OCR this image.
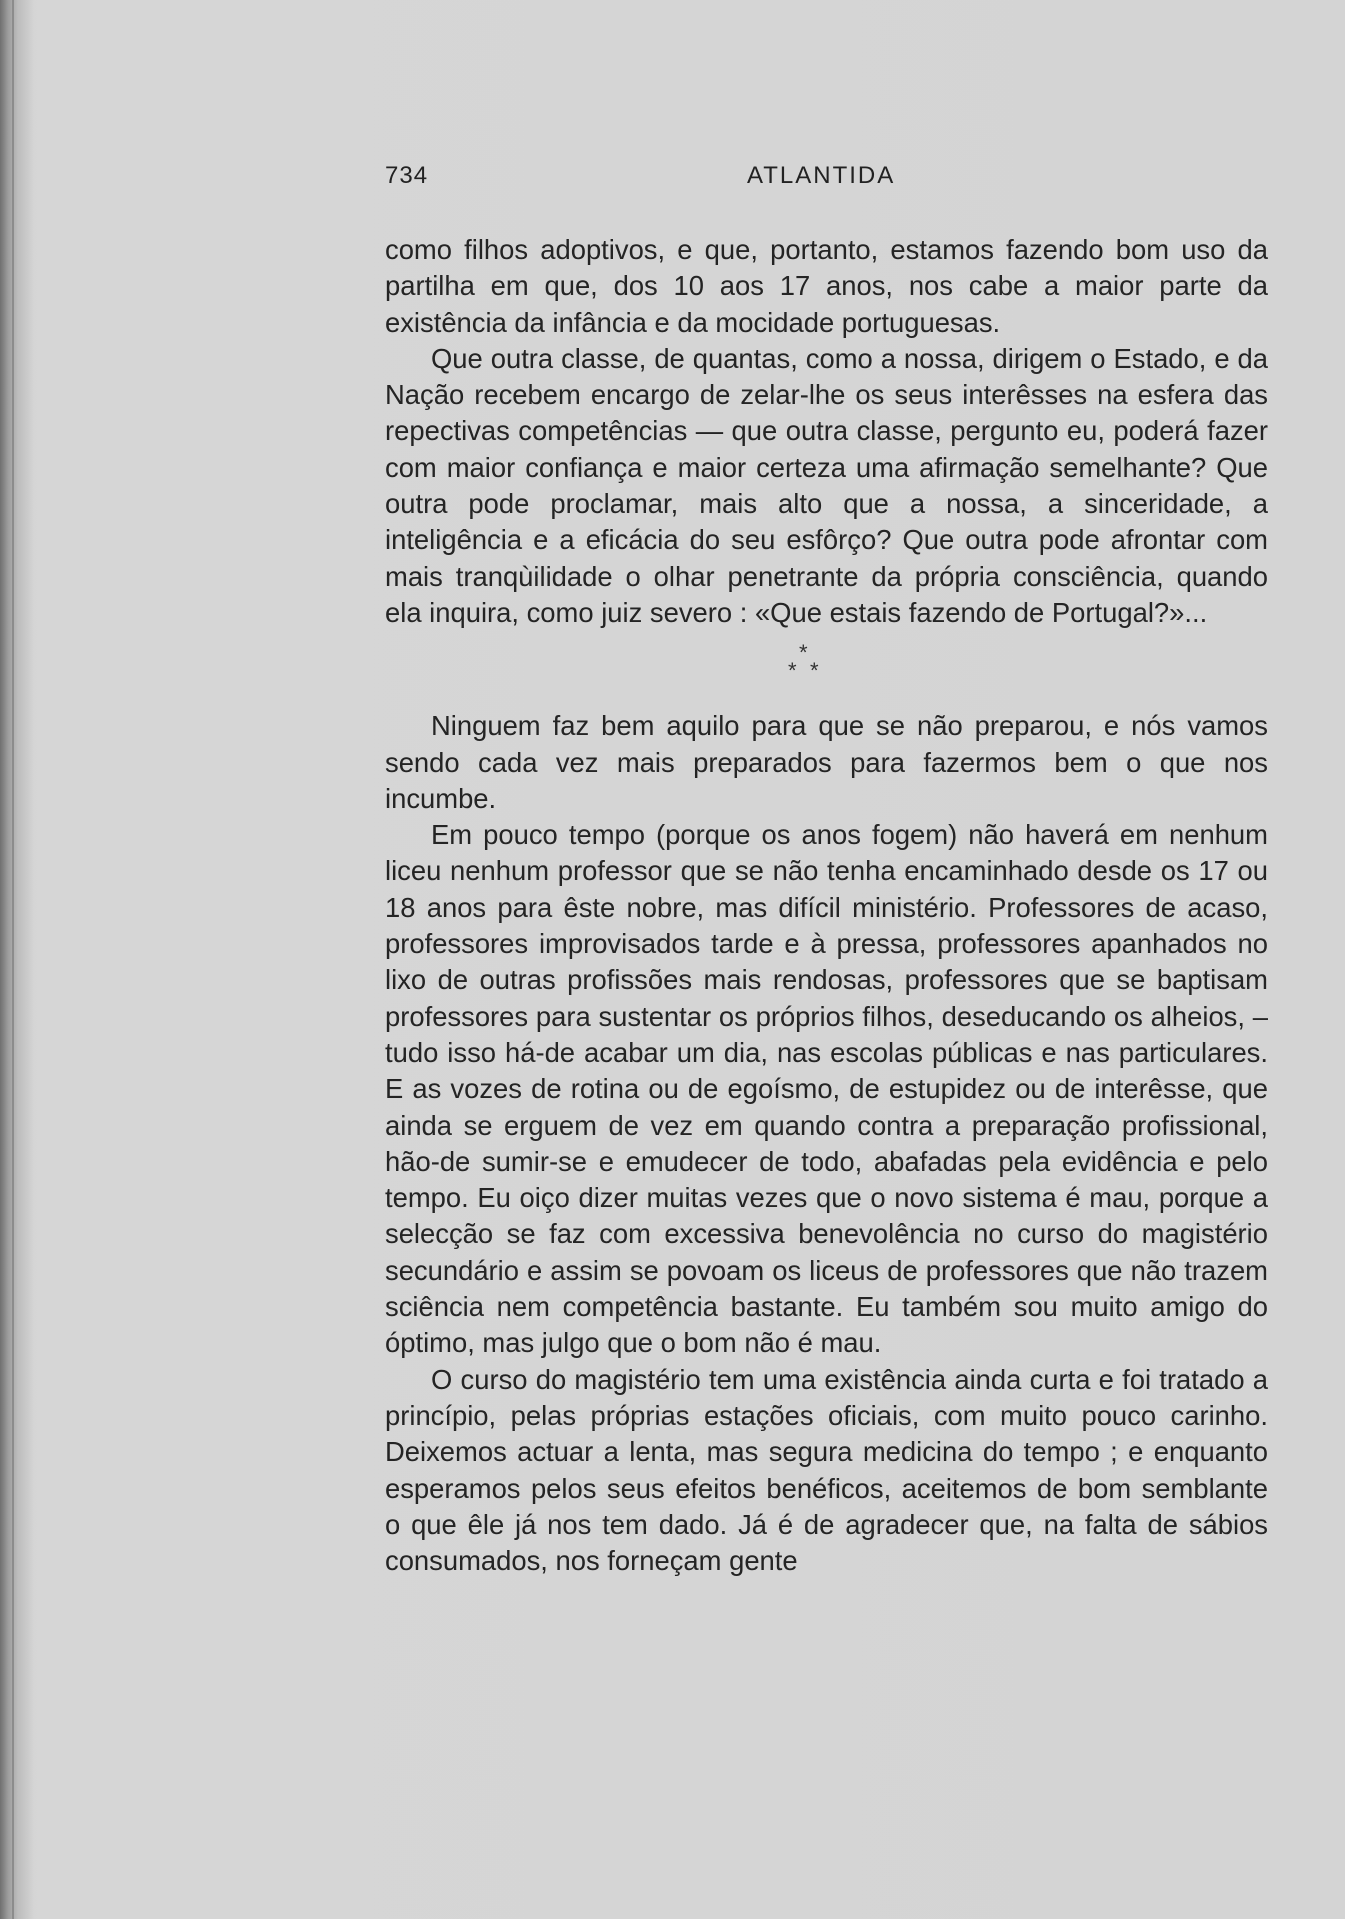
734	ATLANTIDA

como filhos adoptivos, e que, portanto, estamos fazendo bom uso da partilha em que, dos 10 aos 17 anos, nos cabe a maior parte da existência da infância e da mocidade portuguesas.

Que outra classe, de quantas, como a nossa, dirigem o Estado, e da Nação recebem encargo de zelar-lhe os seus interêsses na esfera das repectivas competências — que outra classe, pergunto eu, poderá fazer com maior confiança e maior certeza uma afirmação semelhante? Que outra pode proclamar, mais alto que a nossa, a sinceridade, a inteligência e a eficácia do seu esfôrço? Que outra pode afrontar com mais tranqùilidade o olhar penetrante da própria consciência, quando ela inquira, como juiz severo : «Que estais fazendo de Portugal?»...

*
* *

Ninguem faz bem aquilo para que se não preparou, e nós vamos sendo cada vez mais preparados para fazermos bem o que nos incumbe.

Em pouco tempo (porque os anos fogem) não haverá em nenhum liceu nenhum professor que se não tenha encaminhado desde os 17 ou 18 anos para êste nobre, mas difícil ministério. Professores de acaso, professores improvisados tarde e à pressa, professores apanhados no lixo de outras profissões mais rendosas, professores que se baptisam professores para sustentar os próprios filhos, deseducando os alheios, – tudo isso há-de acabar um dia, nas escolas públicas e nas particulares. E as vozes de rotina ou de egoísmo, de estupidez ou de interêsse, que ainda se erguem de vez em quando contra a preparação profissional, hão-de sumir-se e emudecer de todo, abafadas pela evidência e pelo tempo. Eu oiço dizer muitas vezes que o novo sistema é mau, porque a selecção se faz com excessiva benevolência no curso do magistério secundário e assim se povoam os liceus de professores que não trazem sciência nem competência bastante. Eu também sou muito amigo do óptimo, mas julgo que o bom não é mau.

O curso do magistério tem uma existência ainda curta e foi tratado a princípio, pelas próprias estações oficiais, com muito pouco carinho. Deixemos actuar a lenta, mas segura medicina do tempo ; e enquanto esperamos pelos seus efeitos benéficos, aceitemos de bom semblante o que êle já nos tem dado. Já é de agradecer que, na falta de sábios consumados, nos forneçam gente
